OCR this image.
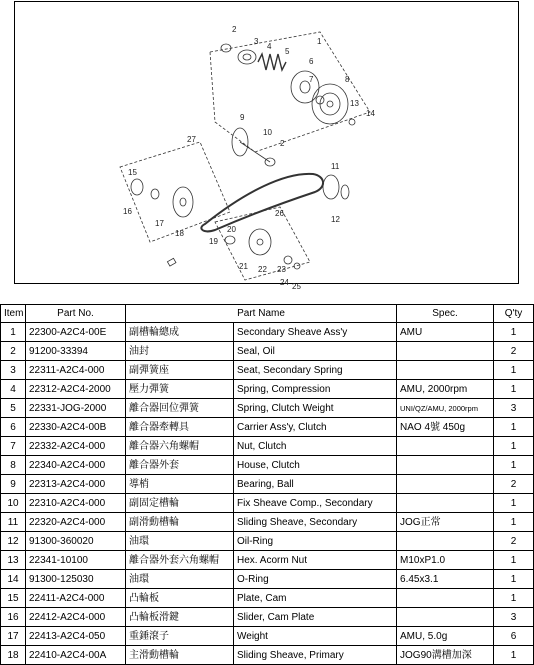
1
2
3
4
5
6
7	8
9
10
2
11
12
13
14
15
16
17
18
19
20
21 22 23
24 25
26
27
Item	Part No.	Part Name		Spec.	Q'ty
1	22300-A2C4-00E	副槽輪總成	Secondary Sheave Ass'y	AMU	1
2	91200-33394	油封	Seal, Oil		2
3	22311-A2C4-000	副彈簧座	Seat, Secondary Spring		1
4	22312-A2C4-2000	壓力彈簧	Spring, Compression	AMU, 2000rpm	1
5	22331-JOG-2000	離合器回位彈簧	Spring, Clutch Weight	UNI/QZ/AMU, 2000rpm	3
6	22330-A2C4-00B	離合器牽轉具	Carrier Ass'y, Clutch	NAO 4號 450g	1
7	22332-A2C4-000	離合器六角螺帽	Nut, Clutch		1
8	22340-A2C4-000	離合器外套	House, Clutch		1
9	22313-A2C4-000	導梢	Bearing, Ball		2
10	22310-A2C4-000	副固定槽輪	Fix Sheave Comp., Secondary		1
11	22320-A2C4-000	副滑動槽輪	Sliding Sheave, Secondary	JOG正常	1
12	91300-360020	油環	Oil-Ring		2
13	22341-10100	離合器外套六角螺帽	Hex. Acorm Nut	M10xP1.0	1
14	91300-125030	油環	O-Ring	6.45x3.1	1
15	22411-A2C4-000	凸輪板	Plate, Cam		1
16	22412-A2C4-000	凸輪板滑鍵	Slider, Cam Plate		3
17	22413-A2C4-050	重錘滾子	Weight	AMU, 5.0g	6
18	22410-A2C4-00A	主滑動槽輪	Sliding Sheave, Primary	JOG90溝槽加深	1
